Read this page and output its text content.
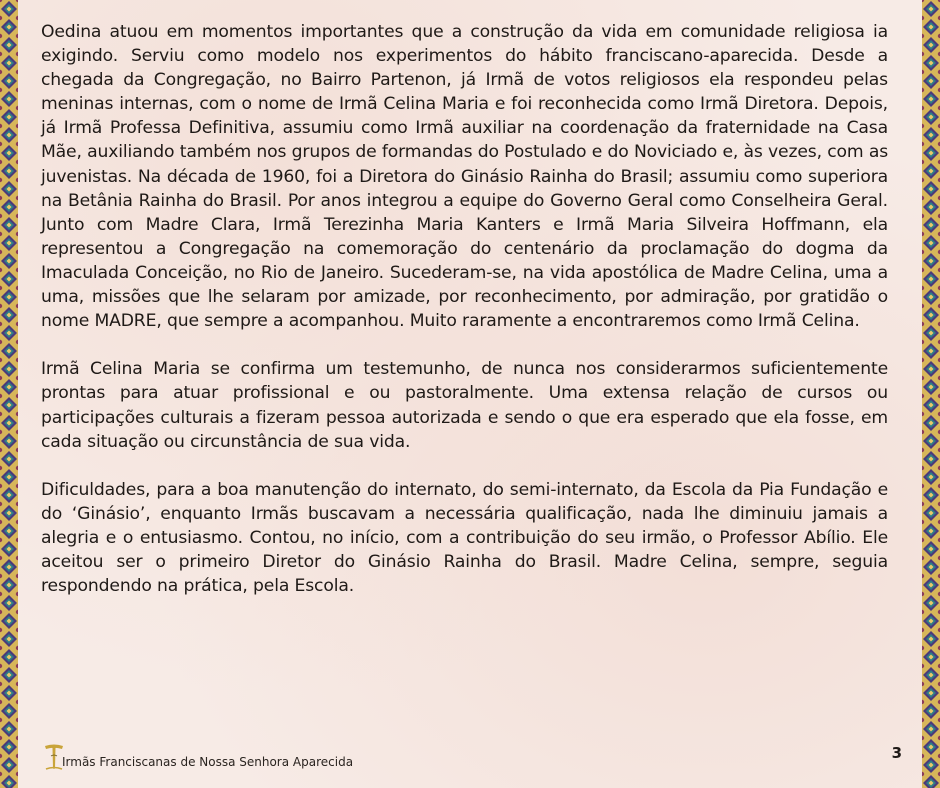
Oedina atuou em momentos importantes que a construção da vida em comunidade religiosa ia exigindo. Serviu como modelo nos experimentos do hábito franciscano-aparecida. Desde a chegada da Congregação, no Bairro Partenon, já Irmã de votos religiosos ela respondeu pelas meninas internas, com o nome de Irmã Celina Maria e foi reconhecida como Irmã Diretora. Depois, já Irmã Professa Definitiva, assumiu como Irmã auxiliar na coordenação da fraternidade na Casa Mãe, auxiliando também nos grupos de formandas do Postulado e do Noviciado e, às vezes, com as juvenistas. Na década de 1960, foi a Diretora do Ginásio Rainha do Brasil; assumiu como superiora na Betânia Rainha do Brasil. Por anos integrou a equipe do Governo Geral como Conselheira Geral. Junto com Madre Clara, Irmã Terezinha Maria Kanters e Irmã Maria Silveira Hoffmann, ela representou a Congregação na comemoração do centenário da proclamação do dogma da Imaculada Conceição, no Rio de Janeiro. Sucederam-se, na vida apostólica de Madre Celina, uma a uma, missões que lhe selaram por amizade, por reconhecimento, por admiração, por gratidão o nome MADRE, que sempre a acompanhou. Muito raramente a encontraremos como Irmã Celina.

Irmã Celina Maria se confirma um testemunho, de nunca nos considerarmos suficientemente prontas para atuar profissional e ou pastoralmente. Uma extensa relação de cursos ou participações culturais a fizeram pessoa autorizada e sendo o que era esperado que ela fosse, em cada situação ou circunstância de sua vida.

Dificuldades, para a boa manutenção do internato, do semi-internato, da Escola da Pia Fundação e do ‘Ginásio’, enquanto Irmãs buscavam a necessária qualificação, nada lhe diminuiu jamais a alegria e o entusiasmo. Contou, no início, com a contribuição do seu irmão, o Professor Abílio. Ele aceitou ser o primeiro Diretor do Ginásio Rainha do Brasil. Madre Celina, sempre, seguia respondendo na prática, pela Escola.

Irmãs Franciscanas de Nossa Senhora Aparecida	3
